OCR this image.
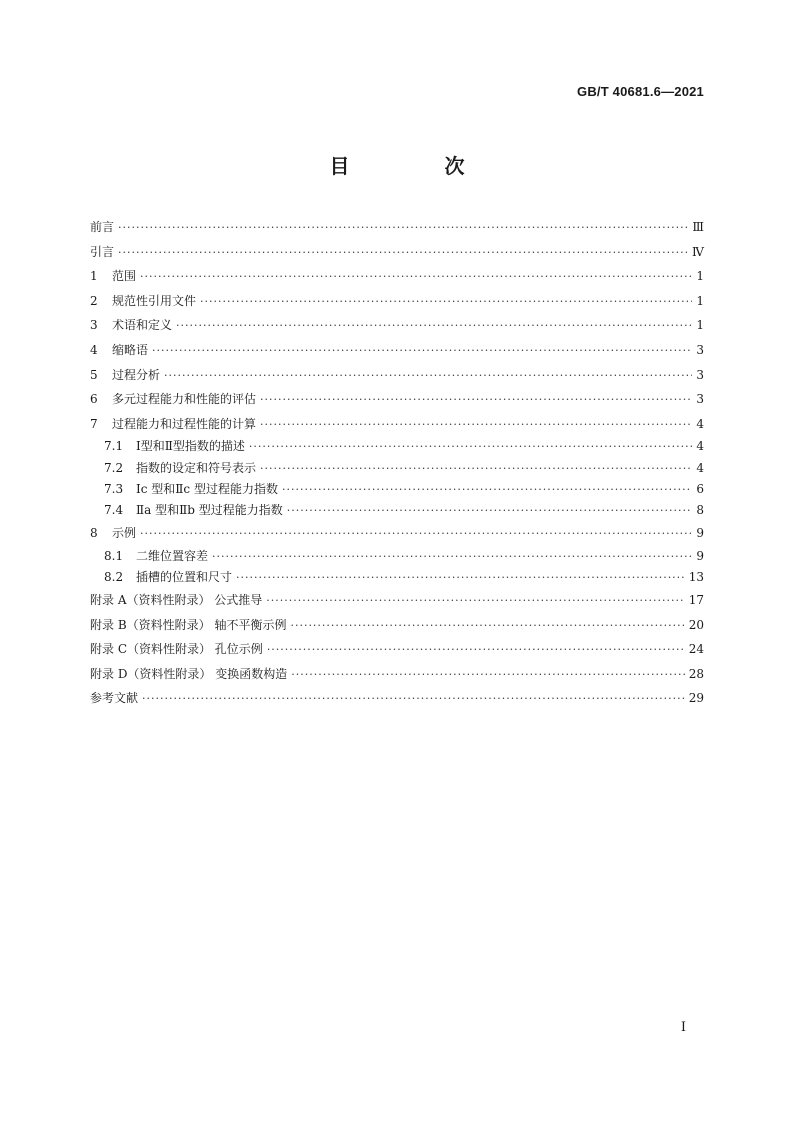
GB/T 40681.6—2021
目 次
前言 ·····	Ⅲ
引言 ·····	Ⅳ
1	范围 ·····	1
2	规范性引用文件 ·····	1
3	术语和定义 ·····	1
4	缩略语 ·····	3
5	过程分析 ·····	3
6	多元过程能力和性能的评估 ·····	3
7	过程能力和过程性能的计算 ·····	4
7.1	Ⅰ型和Ⅱ型指数的描述 ·····	4
7.2	指数的设定和符号表示 ·····	4
7.3	Ⅰc 型和Ⅱc 型过程能力指数 ·····	6
7.4	Ⅱa 型和Ⅱb 型过程能力指数 ·····	8
8	示例 ·····	9
8.1	二维位置容差 ·····	9
8.2	插槽的位置和尺寸 ·····	13
附录 A（资料性附录） 公式推导 ·····	17
附录 B（资料性附录） 轴不平衡示例 ·····	20
附录 C（资料性附录） 孔位示例 ·····	24
附录 D（资料性附录） 变换函数构造 ·····	28
参考文献 ·····	29
Ⅰ
